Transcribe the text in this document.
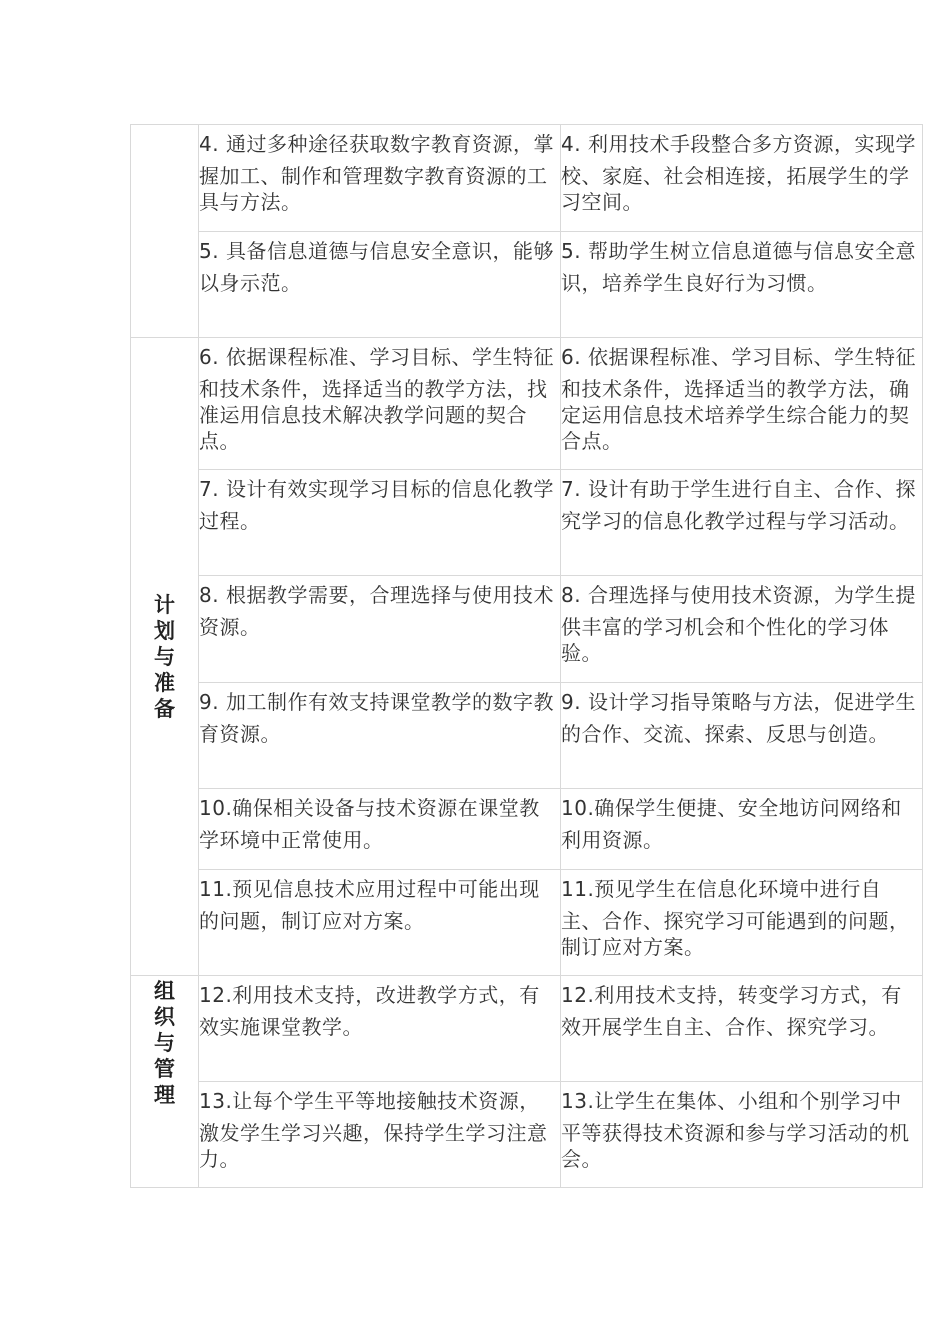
	4. 通过多种途径获取数字教育资源，掌握加工、制作和管理数字教育资源的工具与方法。	4. 利用技术手段整合多方资源，实现学校、家庭、社会相连接，拓展学生的学习空间。

	5. 具备信息道德与信息安全意识，能够以身示范。	5. 帮助学生树立信息道德与信息安全意识，培养学生良好行为习惯。

计划与准备	6. 依据课程标准、学习目标、学生特征和技术条件，选择适当的教学方法，找准运用信息技术解决教学问题的契合点。	6. 依据课程标准、学习目标、学生特征和技术条件，选择适当的教学方法，确定运用信息技术培养学生综合能力的契合点。

	7. 设计有效实现学习目标的信息化教学过程。	7. 设计有助于学生进行自主、合作、探究学习的信息化教学过程与学习活动。

	8. 根据教学需要，合理选择与使用技术资源。	8. 合理选择与使用技术资源，为学生提供丰富的学习机会和个性化的学习体验。

	9. 加工制作有效支持课堂教学的数字教育资源。	9. 设计学习指导策略与方法，促进学生的合作、交流、探索、反思与创造。

	10.确保相关设备与技术资源在课堂教学环境中正常使用。	10.确保学生便捷、安全地访问网络和利用资源。

	11.预见信息技术应用过程中可能出现的问题，制订应对方案。	11.预见学生在信息化环境中进行自主、合作、探究学习可能遇到的问题，制订应对方案。

组织与管理	12.利用技术支持，改进教学方式，有效实施课堂教学。	12.利用技术支持，转变学习方式，有效开展学生自主、合作、探究学习。

	13.让每个学生平等地接触技术资源，激发学生学习兴趣，保持学生学习注意力。	13.让学生在集体、小组和个别学习中平等获得技术资源和参与学习活动的机会。
